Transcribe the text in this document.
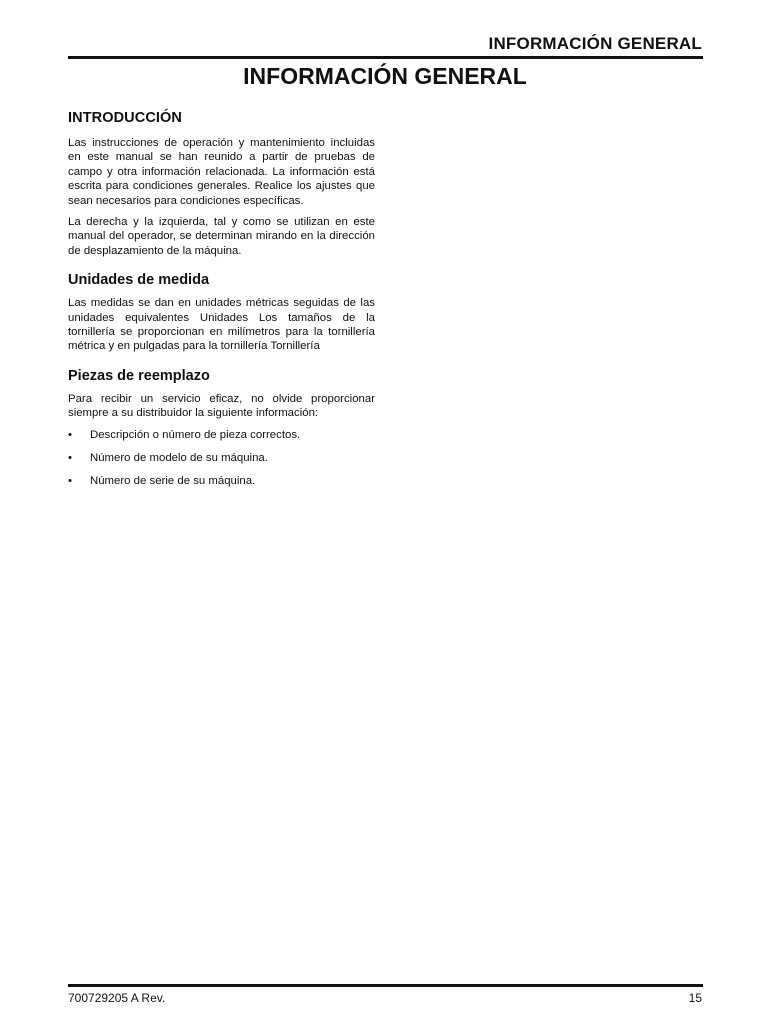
INFORMACIÓN GENERAL
INFORMACIÓN GENERAL
INTRODUCCIÓN

Las instrucciones de operación y mantenimiento incluidas en este manual se han reunido a partir de pruebas de campo y otra información relacionada. La información está escrita para condiciones generales. Realice los ajustes que sean necesarios para condiciones específicas.

La derecha y la izquierda, tal y como se utilizan en este manual del operador, se determinan mirando en la dirección de desplazamiento de la máquina.

Unidades de medida

Las medidas se dan en unidades métricas seguidas de las unidades equivalentes Unidades Los tamaños de la tornillería se proporcionan en milímetros para la tornillería métrica y en pulgadas para la tornillería Tornillería

Piezas de reemplazo

Para recibir un servicio eficaz, no olvide proporcionar siempre a su distribuidor la siguiente información:

• Descripción o número de pieza correctos.
• Número de modelo de su máquina.
• Número de serie de su máquina.
700729205 A Rev.	15
